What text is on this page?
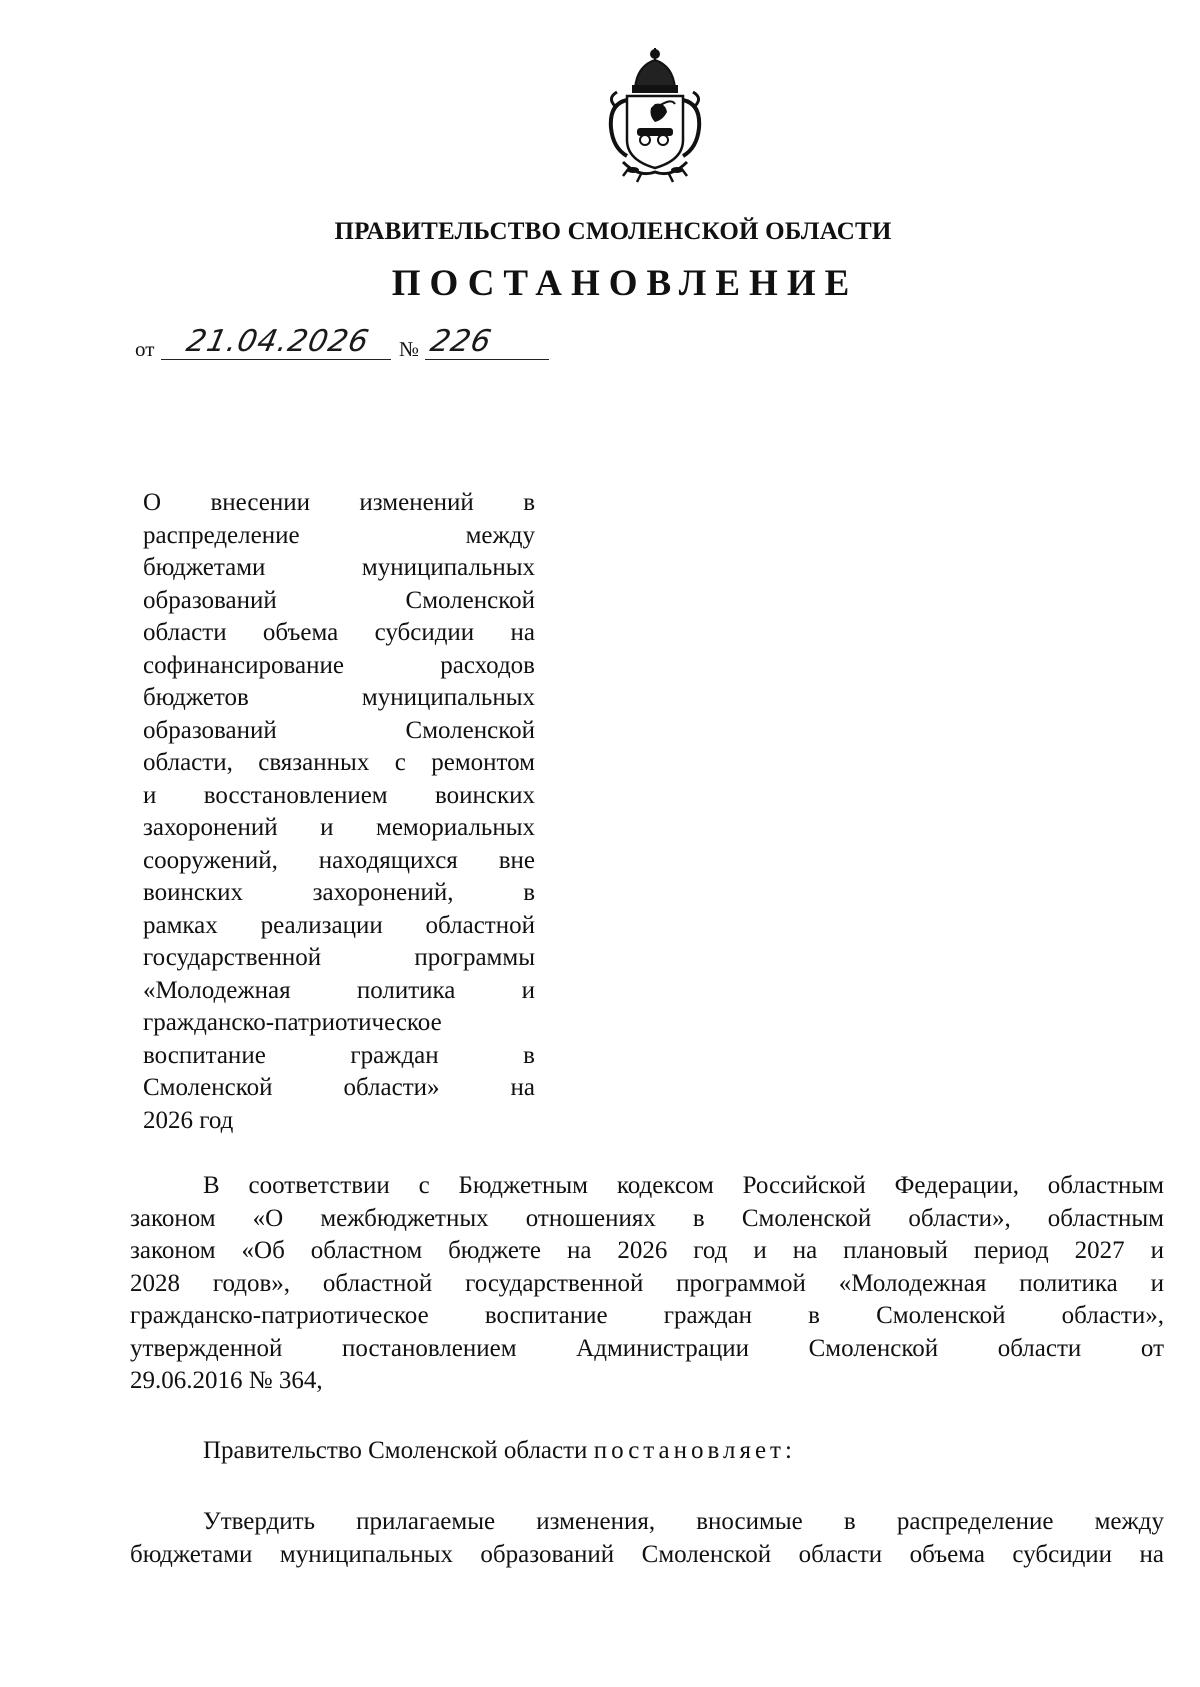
ПРАВИТЕЛЬСТВО СМОЛЕНСКОЙ ОБЛАСТИ
ПОСТАНОВЛЕНИЕ
от 21.04.2026 № 226
О внесении изменений в
распределение между
бюджетами муниципальных
образований Смоленской
области объема субсидии на
софинансирование расходов
бюджетов муниципальных
образований Смоленской
области, связанных с ремонтом
и восстановлением воинских
захоронений и мемориальных
сооружений, находящихся вне
воинских захоронений, в
рамках реализации областной
государственной программы
«Молодежная политика и
гражданско-патриотическое
воспитание граждан в
Смоленской области» на
2026 год
В соответствии с Бюджетным кодексом Российской Федерации, областным
законом «О межбюджетных отношениях в Смоленской области», областным
законом «Об областном бюджете на 2026 год и на плановый период 2027 и
2028 годов», областной государственной программой «Молодежная политика и
гражданско-патриотическое воспитание граждан в Смоленской области»,
утвержденной постановлением Администрации Смоленской области от
29.06.2016 № 364,
Правительство Смоленской области постановляет:
Утвердить прилагаемые изменения, вносимые в распределение между
бюджетами муниципальных образований Смоленской области объема субсидии на
